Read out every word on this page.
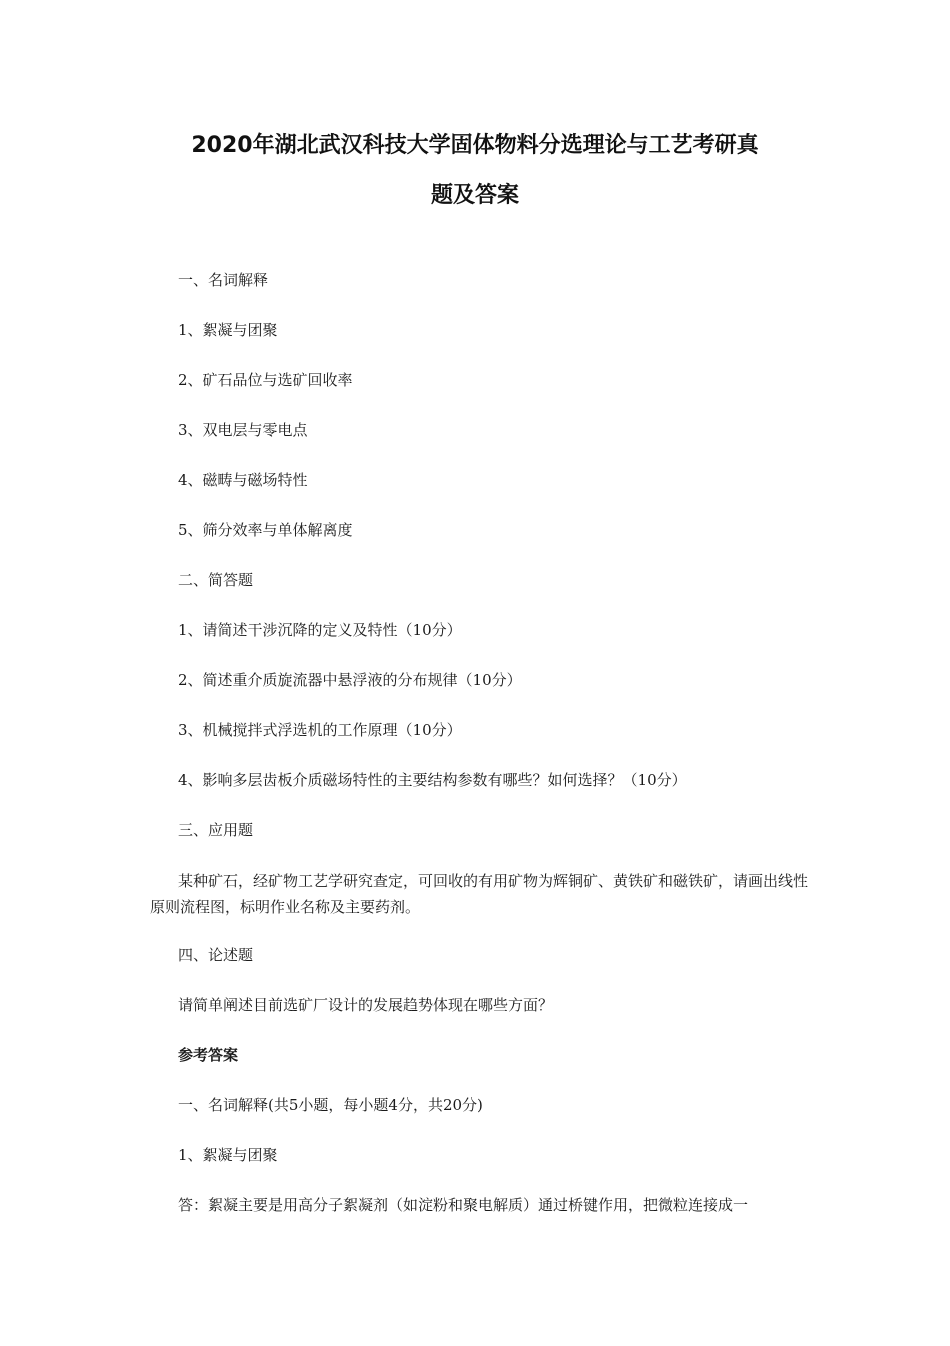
2020年湖北武汉科技大学固体物料分选理论与工艺考研真
题及答案
一、名词解释
1、絮凝与团聚
2、矿石品位与选矿回收率
3、双电层与零电点
4、磁畴与磁场特性
5、筛分效率与单体解离度
二、简答题
1、请简述干涉沉降的定义及特性（10分）
2、简述重介质旋流器中悬浮液的分布规律（10分）
3、机械搅拌式浮选机的工作原理（10分）
4、影响多层齿板介质磁场特性的主要结构参数有哪些？如何选择？（10分）
三、应用题
某种矿石，经矿物工艺学研究查定，可回收的有用矿物为辉铜矿、黄铁矿和磁铁矿，请画出线性原则流程图，标明作业名称及主要药剂。
四、论述题
请简单阐述目前选矿厂设计的发展趋势体现在哪些方面？
参考答案
一、名词解释(共5小题，每小题4分，共20分)
1、絮凝与团聚
答：絮凝主要是用高分子絮凝剂（如淀粉和聚电解质）通过桥键作用，把微粒连接成一
